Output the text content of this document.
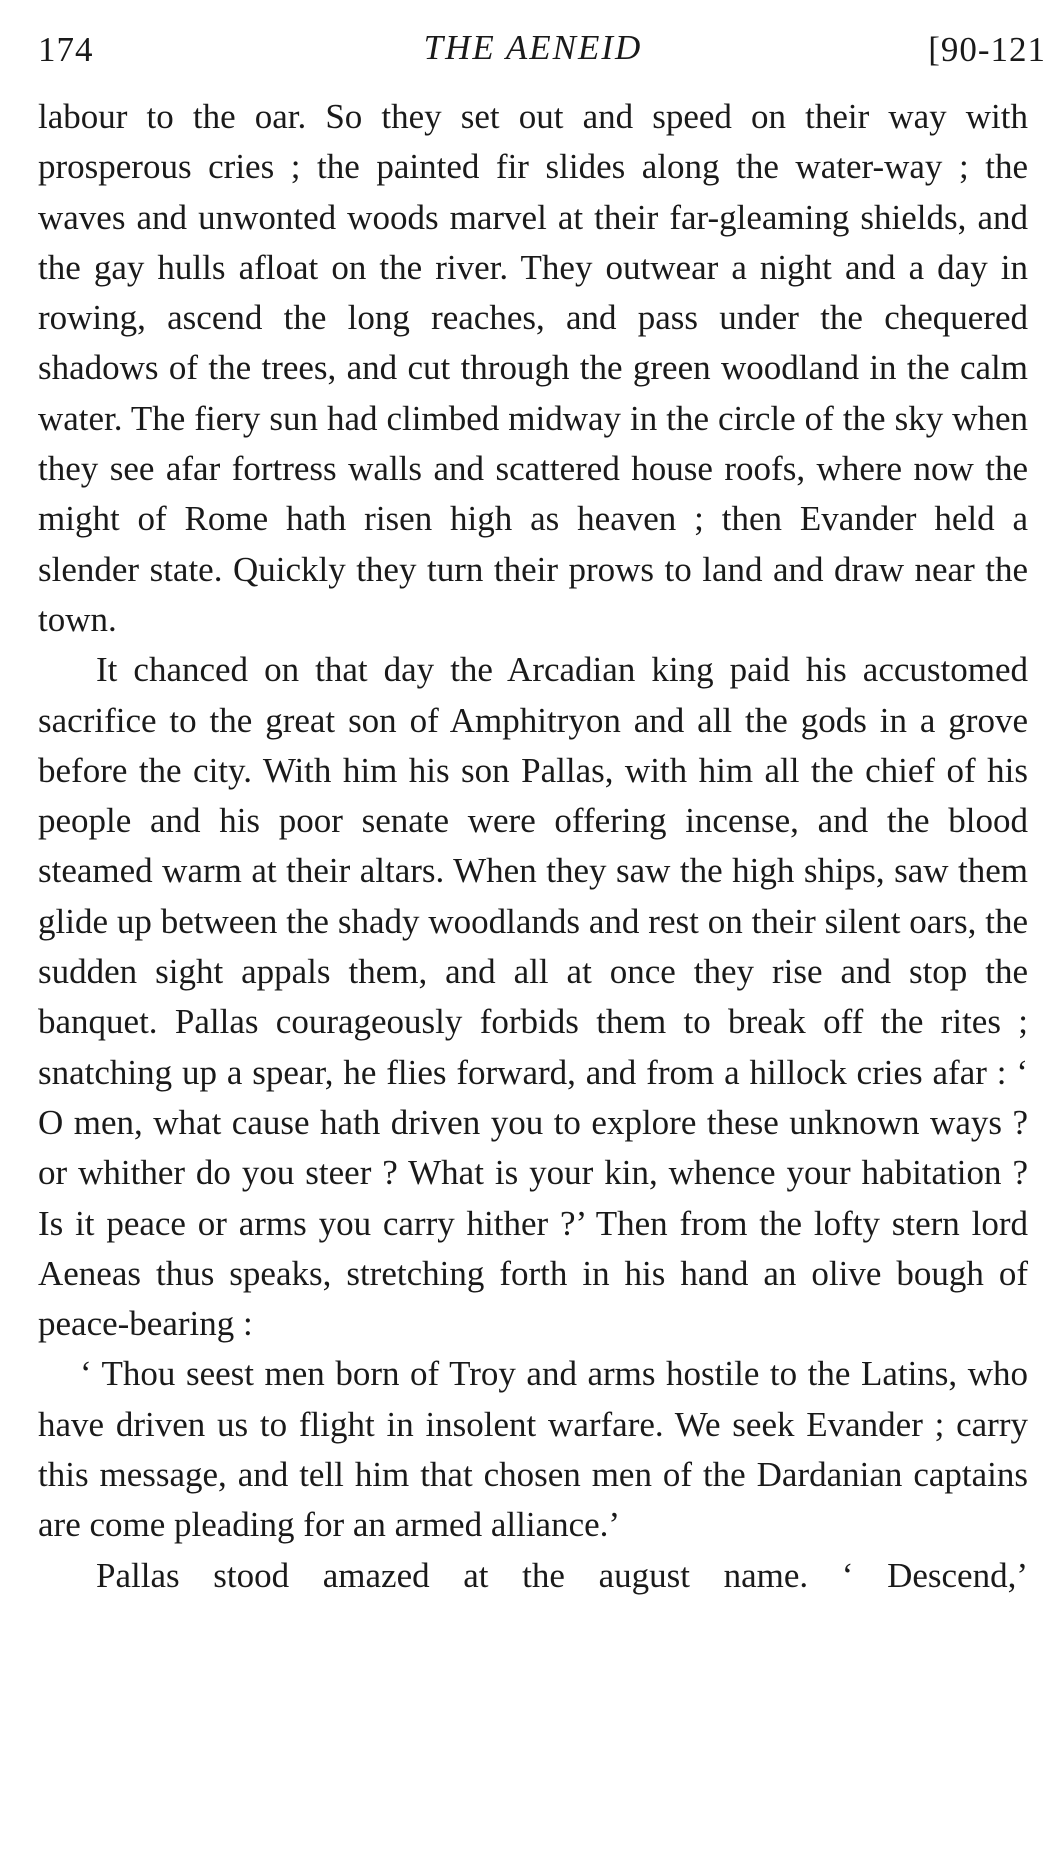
174	THE AENEID	[90-121

labour to the oar. So they set out and speed on their way with prosperous cries ; the painted fir slides along the water-way ; the waves and unwonted woods marvel at their far-gleaming shields, and the gay hulls afloat on the river. They outwear a night and a day in rowing, ascend the long reaches, and pass under the chequered shadows of the trees, and cut through the green woodland in the calm water. The fiery sun had climbed midway in the circle of the sky when they see afar fortress walls and scattered house roofs, where now the might of Rome hath risen high as heaven ; then Evander held a slender state. Quickly they turn their prows to land and draw near the town.

It chanced on that day the Arcadian king paid his accustomed sacrifice to the great son of Amphitryon and all the gods in a grove before the city. With him his son Pallas, with him all the chief of his people and his poor senate were offering incense, and the blood steamed warm at their altars. When they saw the high ships, saw them glide up between the shady woodlands and rest on their silent oars, the sudden sight appals them, and all at once they rise and stop the banquet. Pallas courageously forbids them to break off the rites ; snatching up a spear, he flies forward, and from a hillock cries afar : ‘ O men, what cause hath driven you to explore these unknown ways ? or whither do you steer ? What is your kin, whence your habitation ? Is it peace or arms you carry hither ?’ Then from the lofty stern lord Aeneas thus speaks, stretching forth in his hand an olive bough of peace-bearing :

‘ Thou seest men born of Troy and arms hostile to the Latins, who have driven us to flight in insolent warfare. We seek Evander ; carry this message, and tell him that chosen men of the Dardanian captains are come pleading for an armed alliance.’

Pallas stood amazed at the august name. ‘ Descend,’
